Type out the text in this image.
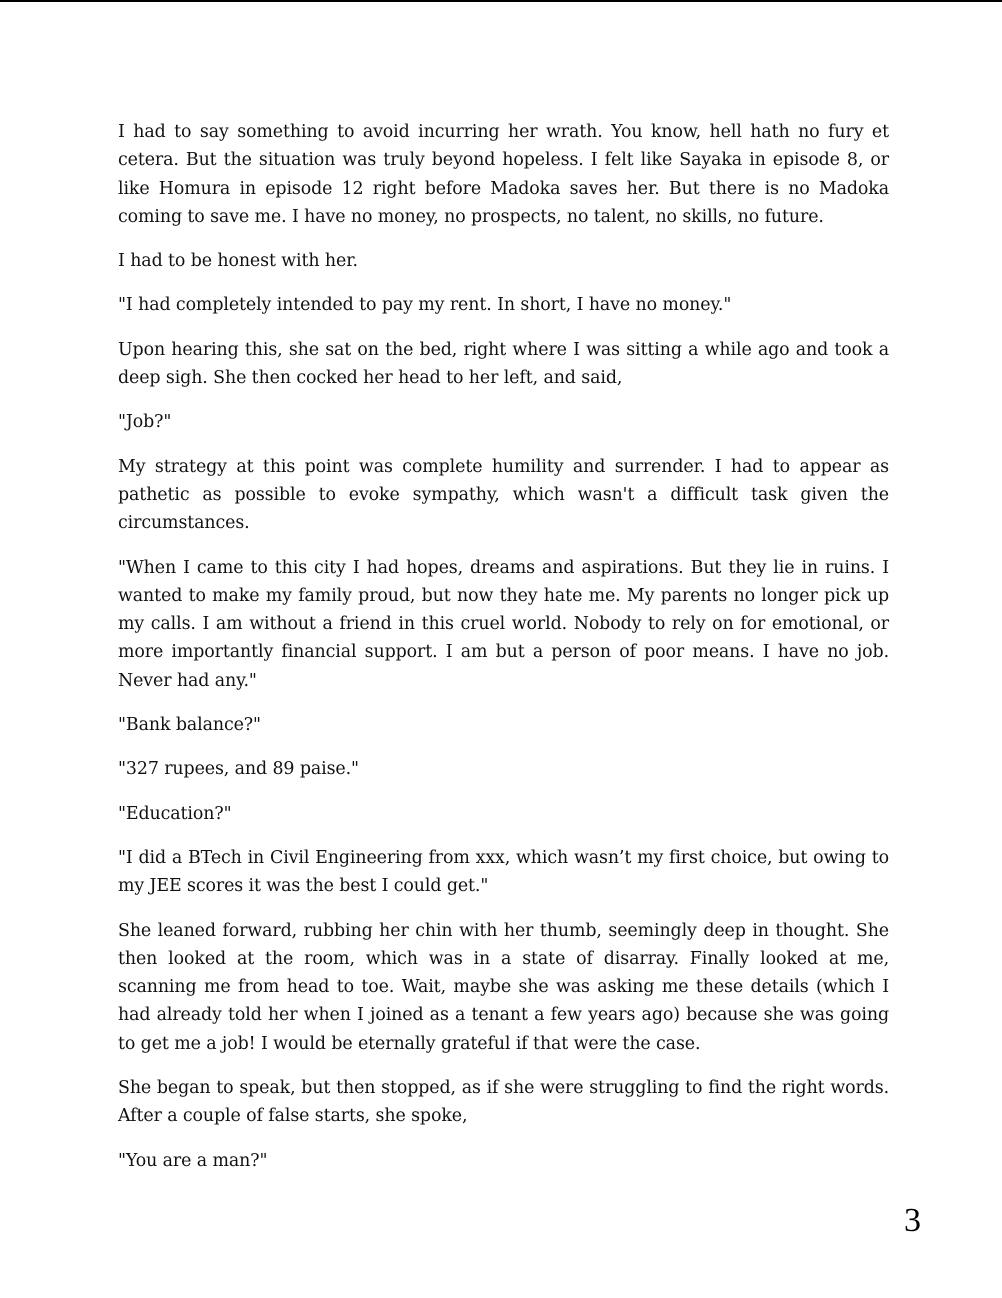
I had to say something to avoid incurring her wrath. You know, hell hath no fury et cetera. But the situation was truly beyond hopeless. I felt like Sayaka in episode 8, or like Homura in episode 12 right before Madoka saves her. But there is no Madoka coming to save me. I have no money, no prospects, no talent, no skills, no future.

I had to be honest with her.

"I had completely intended to pay my rent. In short, I have no money."

Upon hearing this, she sat on the bed, right where I was sitting a while ago and took a deep sigh. She then cocked her head to her left, and said,

"Job?"

My strategy at this point was complete humility and surrender. I had to appear as pathetic as possible to evoke sympathy, which wasn't a difficult task given the circumstances.

"When I came to this city I had hopes, dreams and aspirations. But they lie in ruins. I wanted to make my family proud, but now they hate me. My parents no longer pick up my calls. I am without a friend in this cruel world. Nobody to rely on for emotional, or more importantly financial support. I am but a person of poor means. I have no job. Never had any."

"Bank balance?"

"327 rupees, and 89 paise."

"Education?"

"I did a BTech in Civil Engineering from xxx, which wasn’t my first choice, but owing to my JEE scores it was the best I could get."

She leaned forward, rubbing her chin with her thumb, seemingly deep in thought. She then looked at the room, which was in a state of disarray. Finally looked at me, scanning me from head to toe. Wait, maybe she was asking me these details (which I had already told her when I joined as a tenant a few years ago) because she was going to get me a job! I would be eternally grateful if that were the case.

She began to speak, but then stopped, as if she were struggling to find the right words. After a couple of false starts, she spoke,

"You are a man?"

3
